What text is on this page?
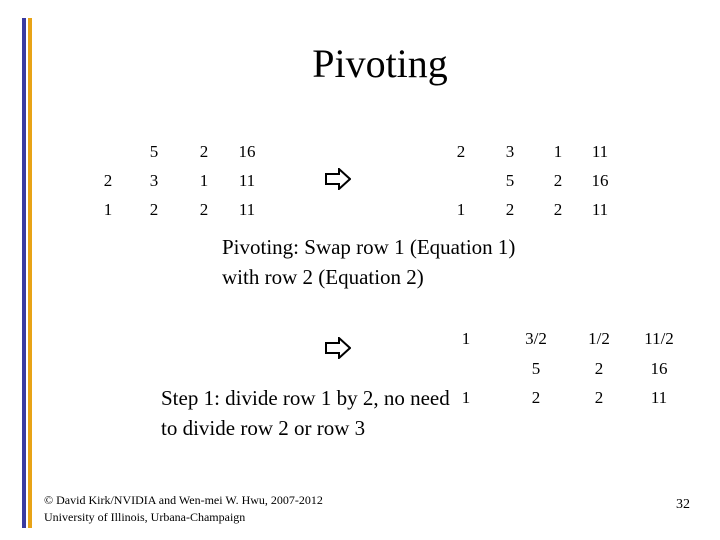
Pivoting
2
1
5
3
2
2
1
2
16
11
11
2
1
3
5
2
1
2
2
11
16
11
Pivoting: Swap row 1 (Equation 1) with row 2 (Equation 2)
1
1
3/2
5
2
1/2
2
2
11/2
16
11
Step 1: divide row 1 by 2, no need to divide row 2 or row 3
© David Kirk/NVIDIA and Wen-mei W. Hwu, 2007-2012
University of Illinois, Urbana-Champaign
32
